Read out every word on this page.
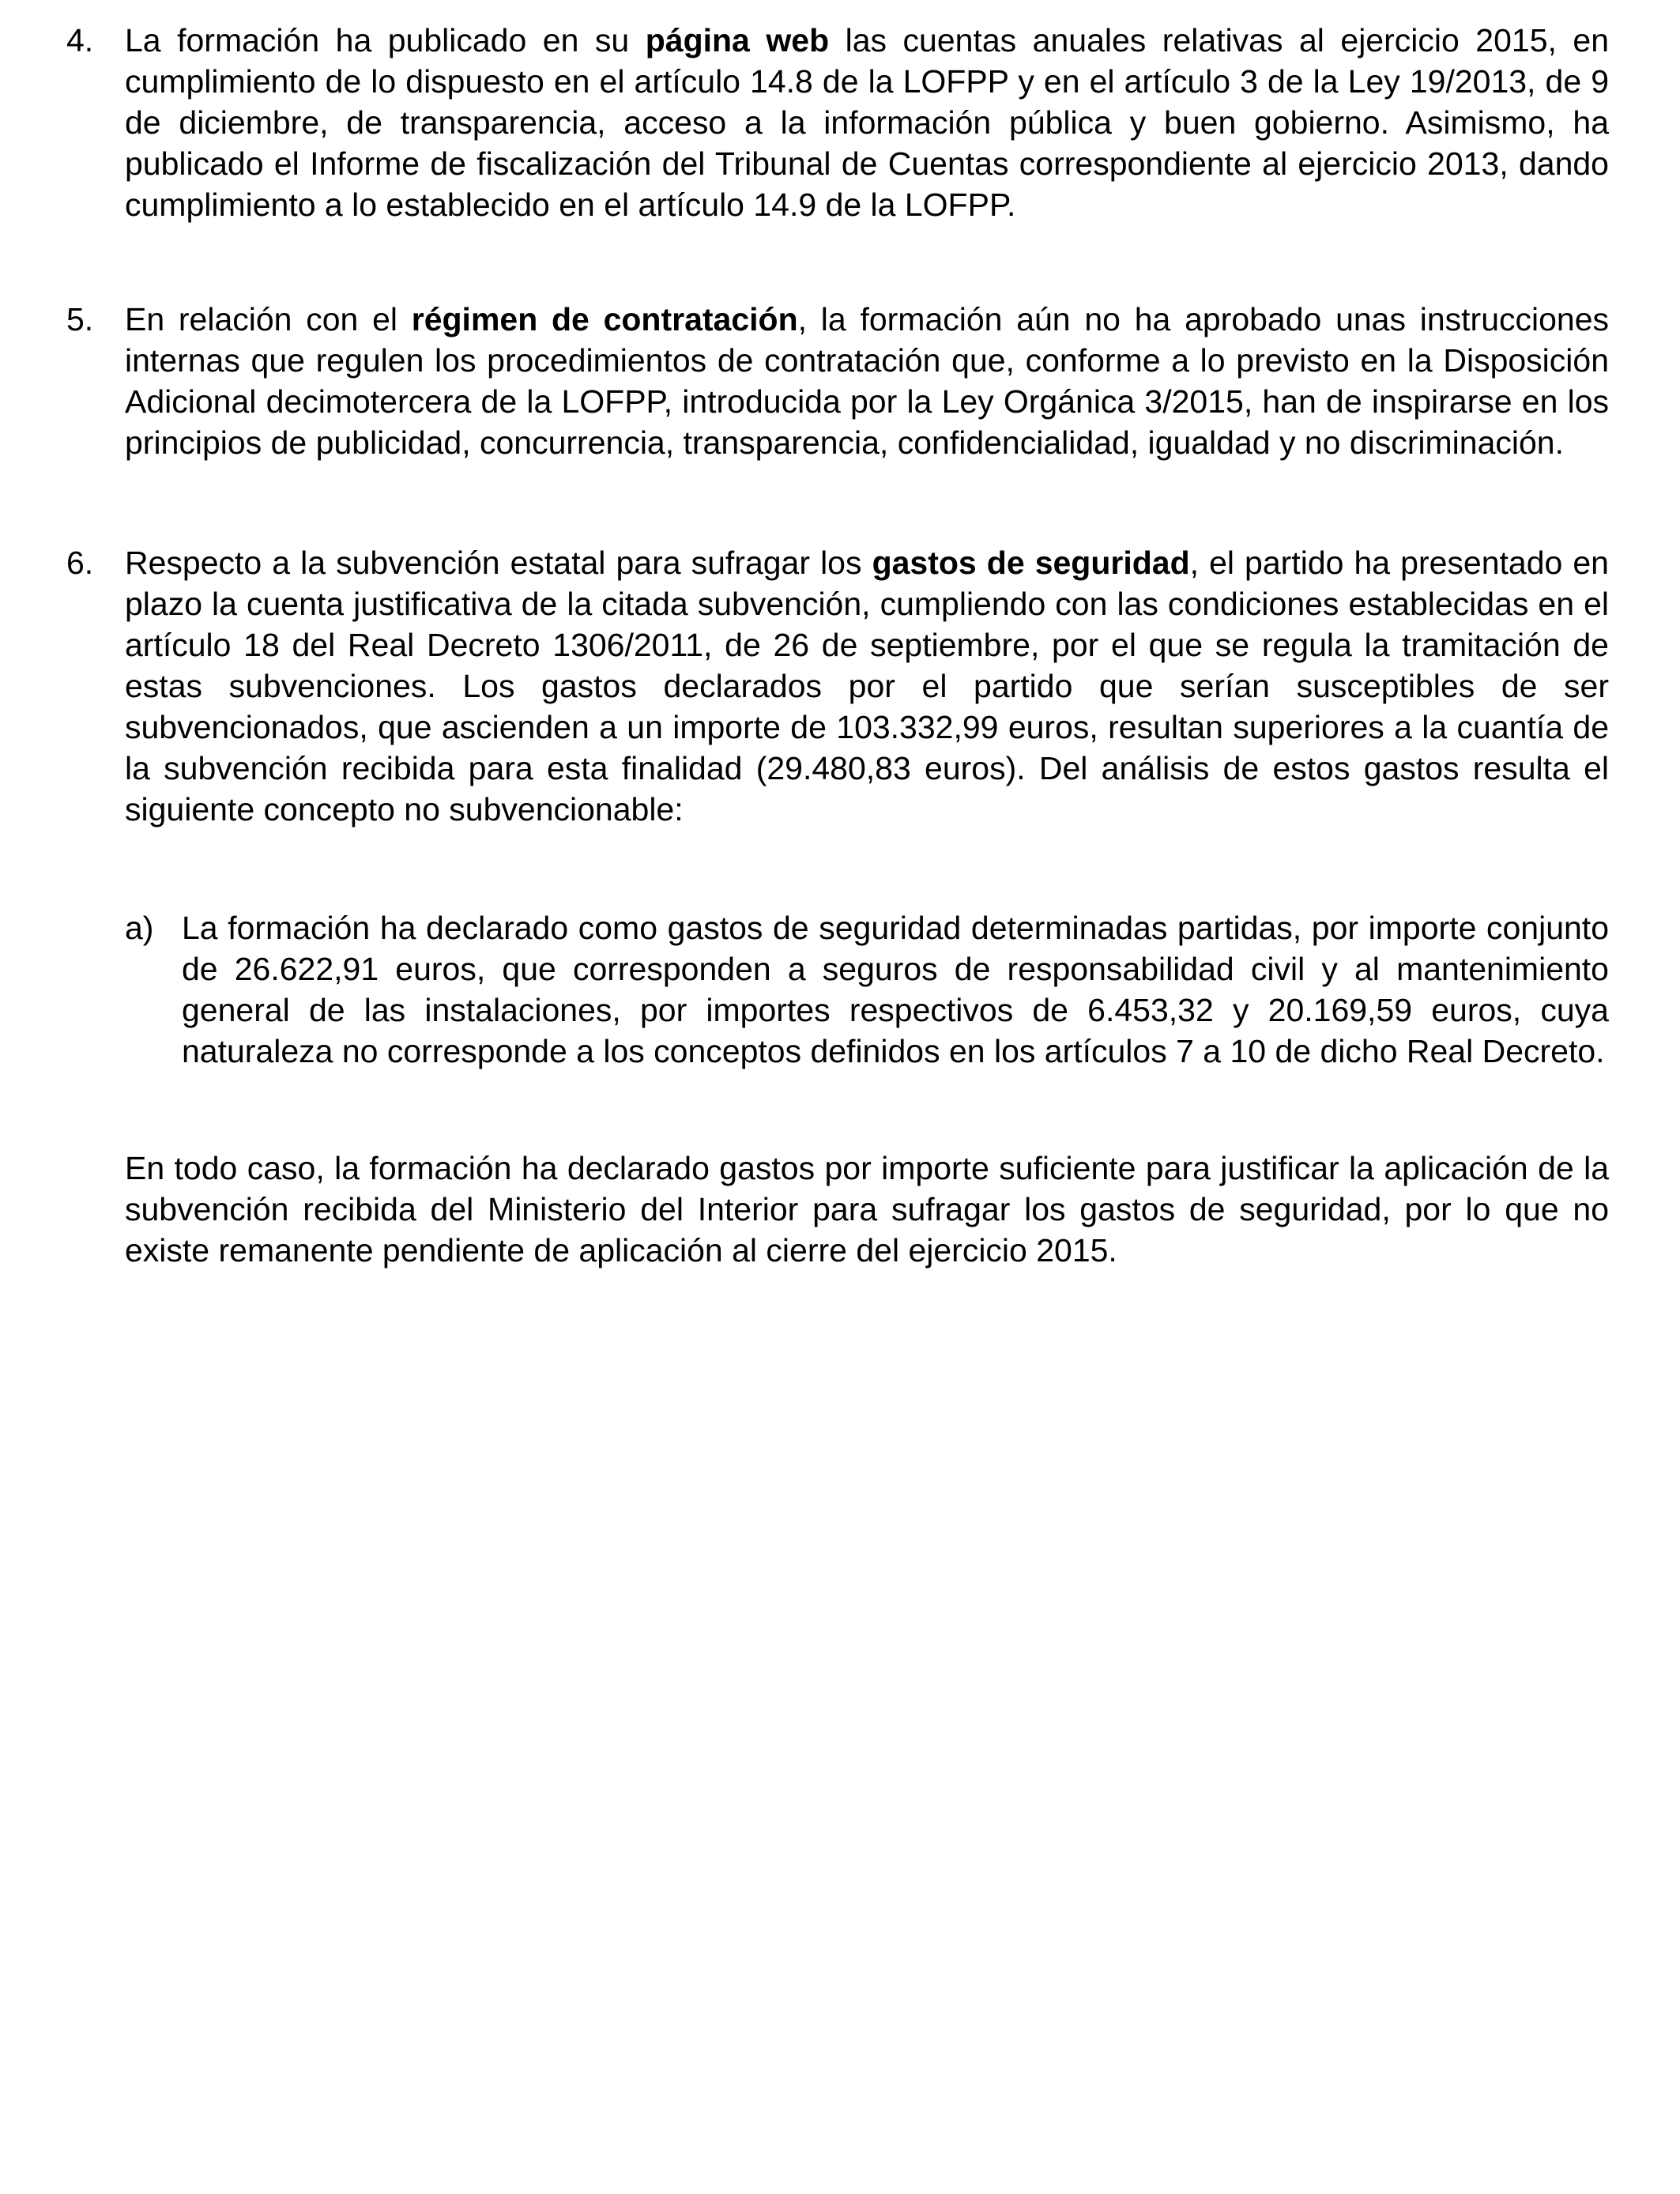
4. La formación ha publicado en su página web las cuentas anuales relativas al ejercicio 2015, en cumplimiento de lo dispuesto en el artículo 14.8 de la LOFPP y en el artículo 3 de la Ley 19/2013, de 9 de diciembre, de transparencia, acceso a la información pública y buen gobierno. Asimismo, ha publicado el Informe de fiscalización del Tribunal de Cuentas correspondiente al ejercicio 2013, dando cumplimiento a lo establecido en el artículo 14.9 de la LOFPP.
5. En relación con el régimen de contratación, la formación aún no ha aprobado unas instrucciones internas que regulen los procedimientos de contratación que, conforme a lo previsto en la Disposición Adicional decimotercera de la LOFPP, introducida por la Ley Orgánica 3/2015, han de inspirarse en los principios de publicidad, concurrencia, transparencia, confidencialidad, igualdad y no discriminación.
6. Respecto a la subvención estatal para sufragar los gastos de seguridad, el partido ha presentado en plazo la cuenta justificativa de la citada subvención, cumpliendo con las condiciones establecidas en el artículo 18 del Real Decreto 1306/2011, de 26 de septiembre, por el que se regula la tramitación de estas subvenciones. Los gastos declarados por el partido que serían susceptibles de ser subvencionados, que ascienden a un importe de 103.332,99 euros, resultan superiores a la cuantía de la subvención recibida para esta finalidad (29.480,83 euros). Del análisis de estos gastos resulta el siguiente concepto no subvencionable:
a) La formación ha declarado como gastos de seguridad determinadas partidas, por importe conjunto de 26.622,91 euros, que corresponden a seguros de responsabilidad civil y al mantenimiento general de las instalaciones, por importes respectivos de 6.453,32 y 20.169,59 euros, cuya naturaleza no corresponde a los conceptos definidos en los artículos 7 a 10 de dicho Real Decreto.
En todo caso, la formación ha declarado gastos por importe suficiente para justificar la aplicación de la subvención recibida del Ministerio del Interior para sufragar los gastos de seguridad, por lo que no existe remanente pendiente de aplicación al cierre del ejercicio 2015.
